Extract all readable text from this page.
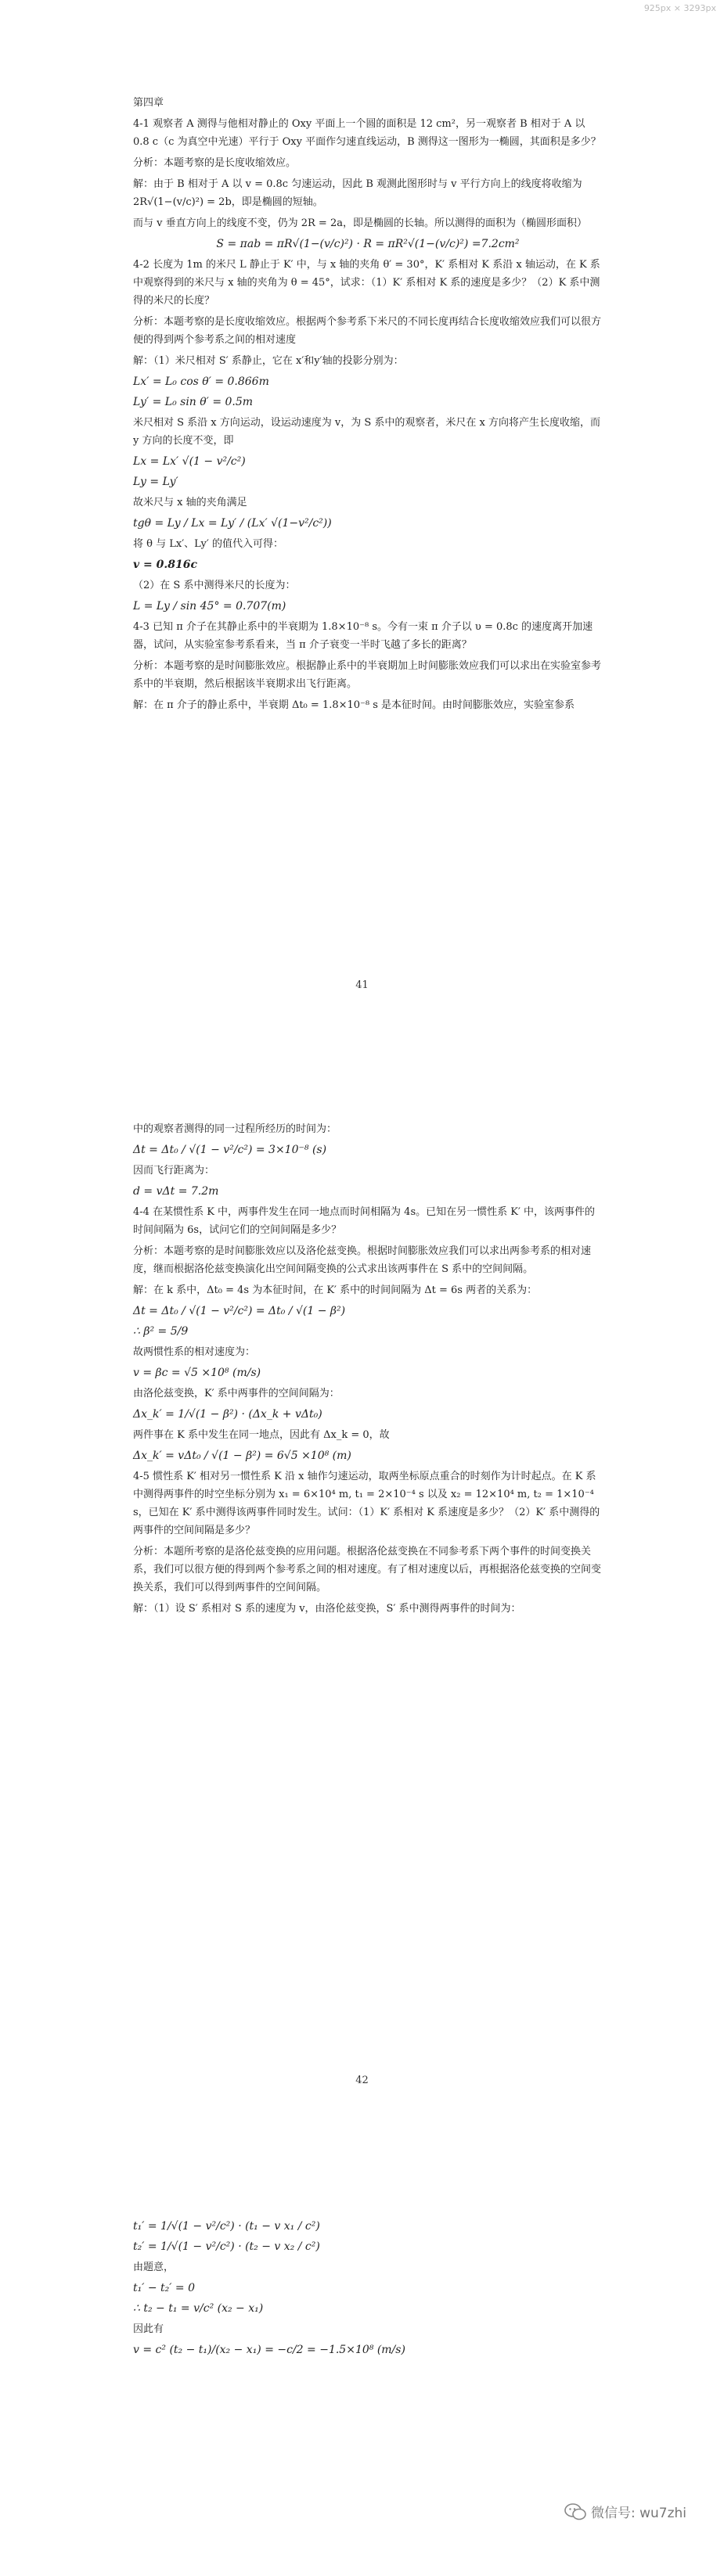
925px × 3293px

第四章

4-1 观察者 A 测得与他相对静止的 Oxy 平面上一个圆的面积是 12 cm²，另一观察者 B 相对于 A 以 0.8 c（c 为真空中光速）平行于 Oxy 平面作匀速直线运动，B 测得这一图形为一椭圆，其面积是多少？

分析：本题考察的是长度收缩效应。

解：由于 B 相对于 A 以 v = 0.8c 匀速运动，因此 B 观测此图形时与 v 平行方向上的线度将收缩为 2R√(1−(v/c)²) = 2b，即是椭圆的短轴。

而与 v 垂直方向上的线度不变，仍为 2R = 2a，即是椭圆的长轴。所以测得的面积为（椭圆形面积）

S = πab = πR√(1−(v/c)²) · R = πR²√(1−(v/c)²) =7.2cm²

4-2 长度为 1m 的米尺 L 静止于 K′ 中，与 x 轴的夹角 θ′ = 30°，K′ 系相对 K 系沿 x 轴运动，在 K 系中观察得到的米尺与 x 轴的夹角为 θ = 45°，试求：（1）K′ 系相对 K 系的速度是多少？（2）K 系中测得的米尺的长度？

分析：本题考察的是长度收缩效应。根据两个参考系下米尺的不同长度再结合长度收缩效应我们可以很方便的得到两个参考系之间的相对速度

解：（1）米尺相对 S′ 系静止，它在 x′和y′轴的投影分别为：

Lx′ = L₀ cos θ′ = 0.866m

Ly′ = L₀ sin θ′ = 0.5m

米尺相对 S 系沿 x 方向运动，设运动速度为 v，为 S 系中的观察者，米尺在 x 方向将产生长度收缩，而 y 方向的长度不变，即

Lx = Lx′ √(1 − v²/c²)

Ly = Ly′

故米尺与 x 轴的夹角满足

tgθ = Ly / Lx = Ly′ / (Lx′ √(1−v²/c²))

将 θ 与 Lx′、Ly′ 的值代入可得：

v = 0.816c

（2）在 S 系中测得米尺的长度为：

L = Ly / sin 45° = 0.707(m)

4-3 已知 π 介子在其静止系中的半衰期为 1.8×10⁻⁸ s。今有一束 π 介子以 υ = 0.8c 的速度离开加速器，试问，从实验室参考系看来，当 π 介子衰变一半时飞越了多长的距离？

分析：本题考察的是时间膨胀效应。根据静止系中的半衰期加上时间膨胀效应我们可以求出在实验室参考系中的半衰期，然后根据该半衰期求出飞行距离。

解：在 π 介子的静止系中，半衰期 Δt₀ = 1.8×10⁻⁸ s 是本征时间。由时间膨胀效应，实验室参系

41

中的观察者测得的同一过程所经历的时间为：

Δt = Δt₀ / √(1 − v²/c²) = 3×10⁻⁸ (s)

因而飞行距离为：

d = vΔt = 7.2m

4-4 在某惯性系 K 中，两事件发生在同一地点而时间相隔为 4s。已知在另一惯性系 K′ 中，该两事件的时间间隔为 6s，试问它们的空间间隔是多少？

分析：本题考察的是时间膨胀效应以及洛伦兹变换。根据时间膨胀效应我们可以求出两参考系的相对速度，继而根据洛伦兹变换演化出空间间隔变换的公式求出该两事件在 S 系中的空间间隔。

解：在 k 系中，Δt₀ = 4s 为本征时间，在 K′ 系中的时间间隔为 Δt = 6s 两者的关系为：

Δt = Δt₀ / √(1 − v²/c²) = Δt₀ / √(1 − β²)

∴ β² = 5/9

故两惯性系的相对速度为：

v = βc = √5 ×10⁸ (m/s)

由洛伦兹变换，K′ 系中两事件的空间间隔为：

Δx_k′ = 1/√(1 − β²) · (Δx_k + vΔt₀)

两件事在 K 系中发生在同一地点，因此有 Δx_k = 0，故

Δx_k′ = vΔt₀ / √(1 − β²) = 6√5 ×10⁸ (m)

4-5 惯性系 K′ 相对另一惯性系 K 沿 x 轴作匀速运动，取两坐标原点重合的时刻作为计时起点。在 K 系中测得两事件的时空坐标分别为 x₁ = 6×10⁴ m, t₁ = 2×10⁻⁴ s 以及 x₂ = 12×10⁴ m, t₂ = 1×10⁻⁴ s，已知在 K′ 系中测得该两事件同时发生。试问：（1）K′ 系相对 K 系速度是多少？（2）K′ 系中测得的两事件的空间间隔是多少？

分析：本题所考察的是洛伦兹变换的应用问题。根据洛伦兹变换在不同参考系下两个事件的时间变换关系，我们可以很方便的得到两个参考系之间的相对速度。有了相对速度以后，再根据洛伦兹变换的空间变换关系，我们可以得到两事件的空间间隔。

解：（1）设 S′ 系相对 S 系的速度为 v，由洛伦兹变换，S′ 系中测得两事件的时间为：

42

t₁′ = 1/√(1 − v²/c²) · (t₁ − v x₁ / c²)

t₂′ = 1/√(1 − v²/c²) · (t₂ − v x₂ / c²)

由题意，

t₁′ − t₂′ = 0

∴ t₂ − t₁ = v/c² (x₂ − x₁)

因此有

v = c² (t₂ − t₁)/(x₂ − x₁) = −c/2 = −1.5×10⁸ (m/s)

微信号: wu7zhi
